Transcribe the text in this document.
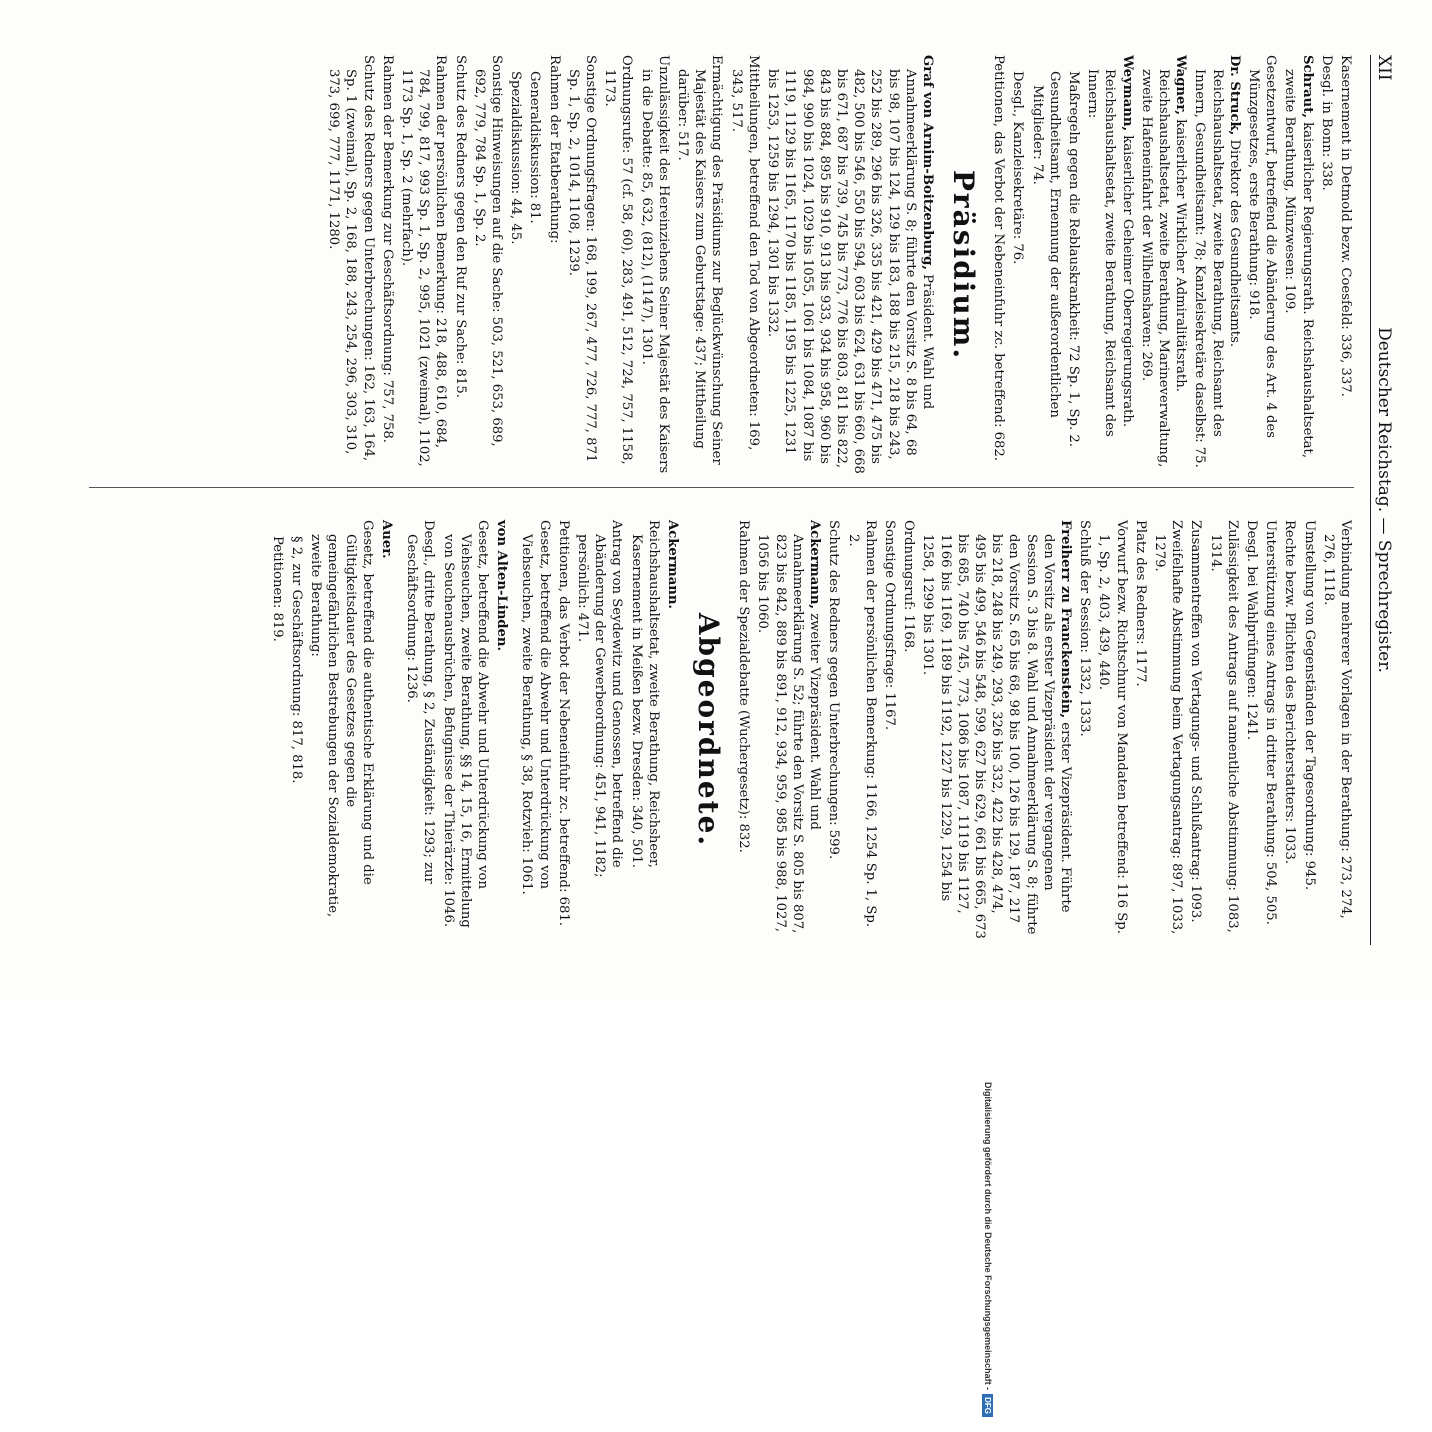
XII
Deutscher Reichstag. — Sprechregister.
Kasernement in Detmold bezw. Coesfeld: 336, 337.
Desgl. in Bonn: 338.
Schraut, kaiserlicher Regierungsrath. Reichshaushaltsetat, zweite Berathung, Münzwesen: 109.
Gesetzentwurf, betreffend die Abänderung des Art. 4 des Münzgesetzes, erste Berathung: 918.
Dr. Struck, Direktor des Gesundheitsamts. Reichshaushaltsetat, zweite Berathung, Reichsamt des Innern, Gesundheitsamt: 78; Kanzleisekretäre daselbst: 75.
Wagner, kaiserlicher Wirklicher Admiralitätsrath. Reichshaushaltsetat, zweite Berathung, Marineverwaltung, zweite Hafeneinfahrt der Wilhelmshaven: 269.
Weymann, kaiserlicher Geheimer Oberregierungsrath. Reichshaushaltsetat, zweite Berathung, Reichsamt des Innern:
Maßregeln gegen die Reblauskrankheit: 72 Sp. 1, Sp. 2.
Gesundheitsamt, Ernennung der außerordentlichen Mitglieder: 74.
Desgl., Kanzleisekretäre: 76.
Petitionen, das Verbot der Nebeneinfuhr zc. betreffend: 682.
Präsidium.
Graf von Arnim-Boitzenburg, Präsident. Wahl und Annahmeerklärung S. 8; führte den Vorsitz S. 8 bis 64, 68 bis 98, 107 bis 124, 129 bis 183, 188 bis 215, 218 bis 243, 252 bis 289, 296 bis 326, 335 bis 421, 429 bis 471, 475 bis 482, 500 bis 546, 550 bis 594, 603 bis 624, 631 bis 660, 668 bis 671, 687 bis 739, 745 bis 773, 776 bis 803, 811 bis 822, 843 bis 884, 895 bis 910, 913 bis 933, 934 bis 958, 960 bis 984, 990 bis 1024, 1029 bis 1055, 1061 bis 1084, 1087 bis 1119, 1129 bis 1165, 1170 bis 1185, 1195 bis 1225, 1231 bis 1253, 1259 bis 1294, 1301 bis 1332.
Mittheilungen, betreffend den Tod von Abgeordneten: 169, 343, 517.
Ermächtigung des Präsidiums zur Beglückwünschung Seiner Majestät des Kaisers zum Geburtstage: 437; Mittheilung darüber: 517.
Unzulässigkeit des Hereinziehens Seiner Majestät des Kaisers in die Debatte: 85, 632, (812), (1147), 1301.
Ordnungsrufe: 57 (cf. 58, 60), 283, 491, 512, 724, 757, 1158, 1173.
Sonstige Ordnungsfragen: 168, 199, 267, 477, 726, 777, 871 Sp. 1, Sp. 2, 1014, 1108, 1239.
Rahmen der Etatberathung:
Generaldiskussion: 81.
Spezialdiskussion: 44, 45.
Sonstige Hinweisungen auf die Sache: 503, 521, 653, 689, 692, 779, 784 Sp. 1, Sp. 2.
Schutz des Redners gegen den Ruf zur Sache: 815.
Rahmen der persönlichen Bemerkung: 218, 488, 610, 684, 784, 799, 817, 993 Sp. 1, Sp. 2, 995, 1021 (zweimal), 1102, 1173 Sp. 1, Sp. 2 (mehrfach).
Rahmen der Bemerkung zur Geschäftsordnung: 757, 758.
Schutz des Redners gegen Unterbrechungen: 162, 163, 164, Sp. 1 (zweimal), Sp. 2, 168, 188, 243, 254, 296, 303, 310, 373, 699, 777, 1171, 1280.
Verbindung mehrerer Vorlagen in der Berathung: 273, 274, 276, 1118.
Umstellung von Gegenständen der Tagesordnung: 945.
Rechte bezw. Pflichten des Berichterstatters: 1033.
Unterstützung eines Antrags in dritter Berathung: 504, 505.
Desgl. bei Wahlprüfungen: 1241.
Zulässigkeit des Antrags auf namentliche Abstimmung: 1083, 1314.
Zusammentreffen von Vertagungs- und Schlußantrag: 1093.
Zweifelhafte Abstimmung beim Vertagungsantrag: 897, 1033, 1279.
Platz des Redners: 1177.
Vorwurf bezw. Richtschnur von Mandaten betreffend: 116 Sp. 1, Sp. 2, 403, 439, 440.
Schluß der Session: 1332, 1333.
Freiherr zu Franckenstein, erster Vizepräsident. Führte den Vorsitz als erster Vizepräsident der vergangenen Session S. 3 bis 8. Wahl und Annahmeerklärung S. 8; führte den Vorsitz S. 65 bis 68, 98 bis 100, 126 bis 129, 187, 217 bis 218, 248 bis 249, 293, 326 bis 332, 422 bis 428, 474, 495 bis 499, 546 bis 548, 599, 627 bis 629, 661 bis 665, 673 bis 685, 740 bis 745, 773, 1086 bis 1087, 1119 bis 1127, 1166 bis 1169, 1189 bis 1192, 1227 bis 1229, 1254 bis 1258, 1299 bis 1301.
Ordnungsruf: 1168.
Sonstige Ordnungsfrage: 1167.
Rahmen der persönlichen Bemerkung: 1166, 1254 Sp. 1, Sp. 2.
Schutz des Redners gegen Unterbrechungen: 599.
Ackermann, zweiter Vizepräsident. Wahl und Annahmeerklärung S. 52; führte den Vorsitz S. 805 bis 807, 823 bis 842, 889 bis 891, 912, 934, 959, 985 bis 988, 1027, 1056 bis 1060.
Rahmen der Spezialdebatte (Wuchergesetz): 832.
Abgeordnete.
Ackermann.
Reichshaushaltsetat, zweite Berathung, Reichsheer, Kasernement in Meißen bezw. Dresden: 340, 501.
Antrag von Seydewitz und Genossen, betreffend die Abänderung der Gewerbeordnung: 451, 941, 1182; persönlich: 471.
Petitionen, das Verbot der Nebeneinfuhr zc. betreffend: 681.
Gesetz, betreffend die Abwehr und Unterdrückung von Viehseuchen, zweite Berathung, § 38, Rotzvieh: 1061.
von Alten-Linden.
Gesetz, betreffend die Abwehr und Unterdrückung von Viehseuchen, zweite Berathung, §§ 14, 15, 16, Ermittelung von Seuchenausbrüchen, Befugnisse der Thierärzte: 1046.
Desgl., dritte Berathung, § 2, Zuständigkeit: 1293; zur Geschäftsordnung: 1236.
Auer.
Gesetz, betreffend die authentische Erklärung und die Gültigkeitsdauer des Gesetzes gegen die gemeingefährlichen Bestrebungen der Sozialdemokratie, zweite Berathung:
§ 2, zur Geschäftsordnung: 817, 818.
Petitionen: 819.
Digitalisierung gefördert durch die Deutsche Forschungsgemeinschaft -
DFG
